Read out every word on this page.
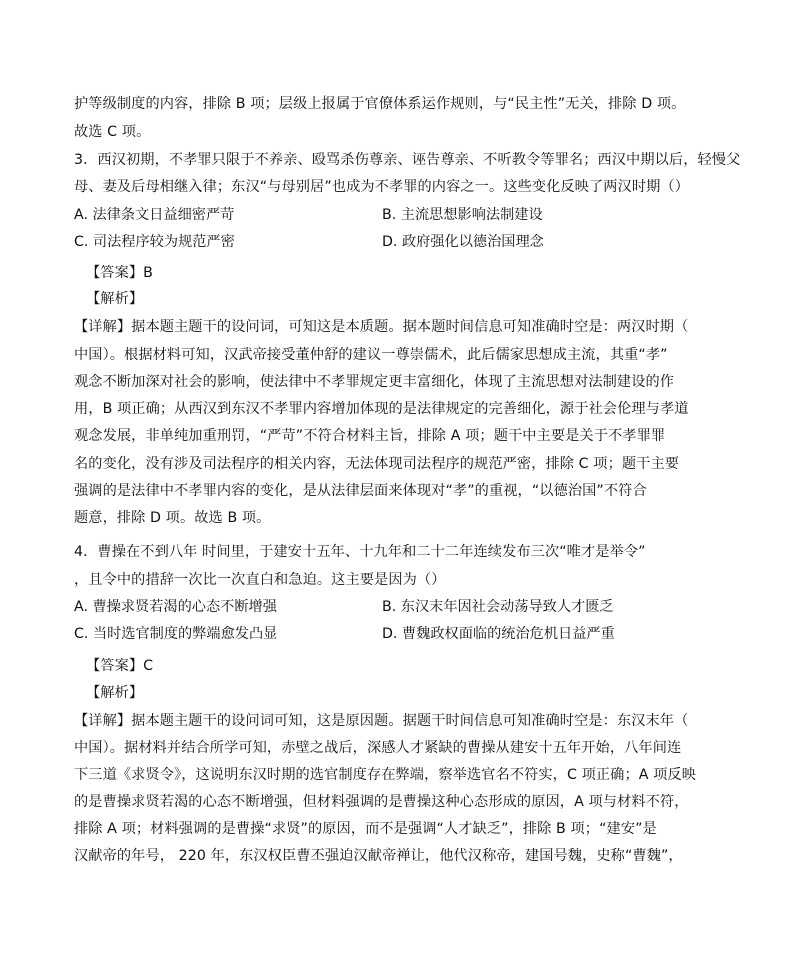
护等级制度的内容，排除 B 项；层级上报属于官僚体系运作规则，与“民主性”无关，排除 D 项。
故选 C 项。
3．西汉初期，不孝罪只限于不养亲、殴骂杀伤尊亲、诬告尊亲、不听教令等罪名；西汉中期以后，轻慢父
母、妻及后母相继入律；东汉“与母别居”也成为不孝罪的内容之一。这些变化反映了两汉时期（）
A. 法律条文日益细密严苛	B. 主流思想影响法制建设
C. 司法程序较为规范严密	D. 政府强化以德治国理念
【答案】B
【解析】
【详解】据本题主题干的设问词，可知这是本质题。据本题时间信息可知准确时空是：两汉时期（
中国）。根据材料可知，汉武帝接受董仲舒的建议一尊崇儒术，此后儒家思想成主流，其重“孝”
观念不断加深对社会的影响，使法律中不孝罪规定更丰富细化，体现了主流思想对法制建设的作
用，B 项正确；从西汉到东汉不孝罪内容增加体现的是法律规定的完善细化，源于社会伦理与孝道
观念发展，非单纯加重刑罚，“严苛”不符合材料主旨，排除 A 项；题干中主要是关于不孝罪罪
名的变化，没有涉及司法程序的相关内容，无法体现司法程序的规范严密，排除 C 项；题干主要
强调的是法律中不孝罪内容的变化，是从法律层面来体现对“孝”的重视，“以德治国”不符合
题意，排除 D 项。故选 B 项。
4．曹操在不到八年 时间里，于建安十五年、十九年和二十二年连续发布三次“唯才是举令”
，且令中的措辞一次比一次直白和急迫。这主要是因为（）
A. 曹操求贤若渴的心态不断增强	B. 东汉末年因社会动荡导致人才匮乏
C. 当时选官制度的弊端愈发凸显	D. 曹魏政权面临的统治危机日益严重
【答案】C
【解析】
【详解】据本题主题干的设问词可知，这是原因题。据题干时间信息可知准确时空是：东汉末年（
中国）。据材料并结合所学可知，赤壁之战后，深感人才紧缺的曹操从建安十五年开始，八年间连
下三道《求贤令》，这说明东汉时期的选官制度存在弊端，察举选官名不符实，C 项正确；A 项反映
的是曹操求贤若渴的心态不断增强，但材料强调的是曹操这种心态形成的原因，A 项与材料不符，
排除 A 项；材料强调的是曹操“求贤”的原因，而不是强调“人才缺乏”，排除 B 项；“建安”是
汉献帝的年号， 220 年，东汉权臣曹丕强迫汉献帝禅让，他代汉称帝，建国号魏，史称“曹魏”，
